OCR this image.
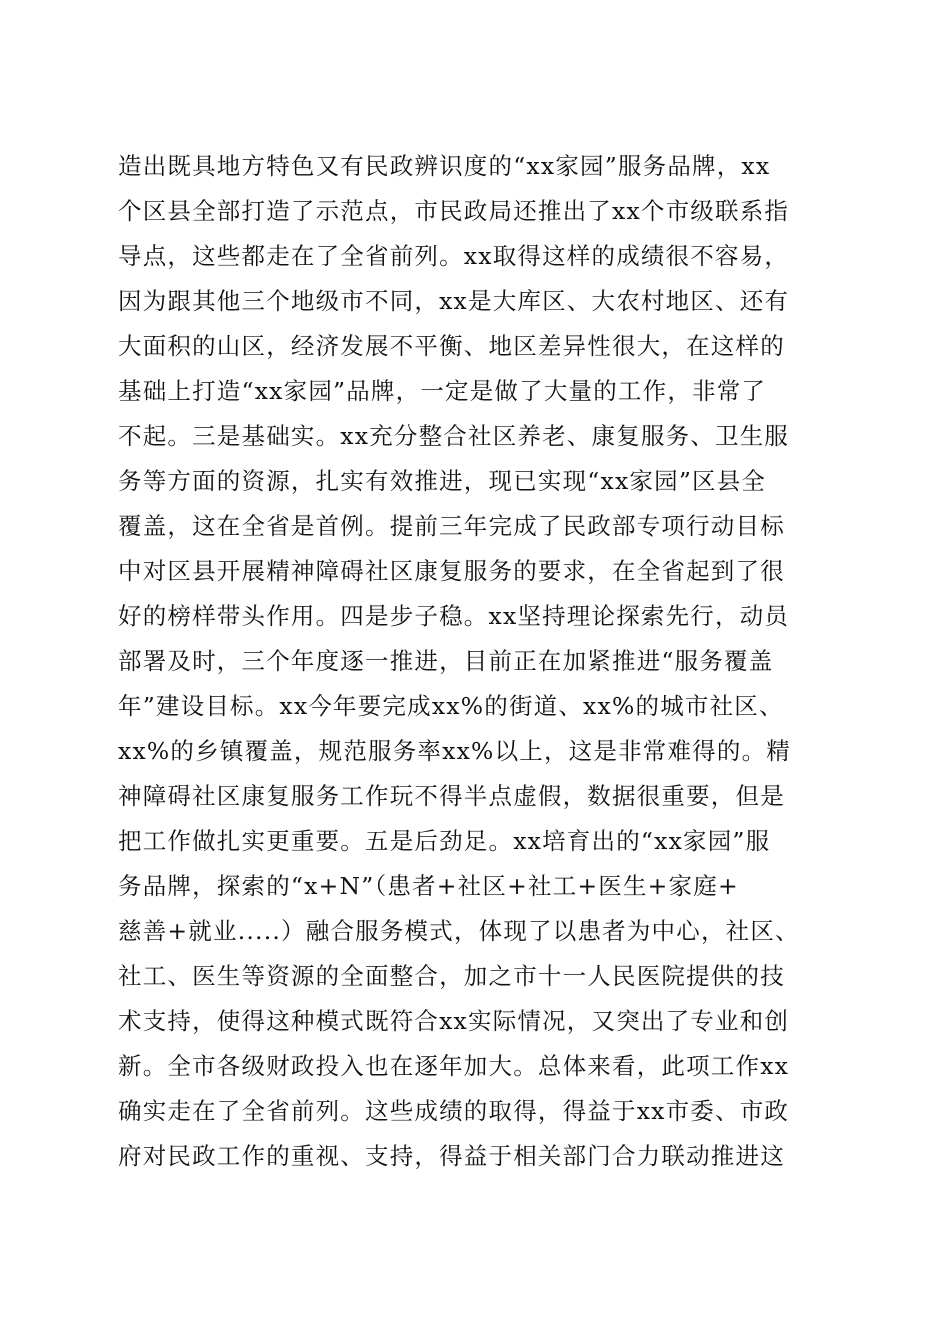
造出既具地方特色又有民政辨识度的“xx家园”服务品牌，xx
个区县全部打造了示范点，市民政局还推出了xx个市级联系指
导点，这些都走在了全省前列。xx取得这样的成绩很不容易，
因为跟其他三个地级市不同，xx是大库区、大农村地区、还有
大面积的山区，经济发展不平衡、地区差异性很大，在这样的
基础上打造“xx家园”品牌，一定是做了大量的工作，非常了
不起。三是基础实。xx充分整合社区养老、康复服务、卫生服
务等方面的资源，扎实有效推进，现已实现“xx家园”区县全
覆盖，这在全省是首例。提前三年完成了民政部专项行动目标
中对区县开展精神障碍社区康复服务的要求，在全省起到了很
好的榜样带头作用。四是步子稳。xx坚持理论探索先行，动员
部署及时，三个年度逐一推进，目前正在加紧推进“服务覆盖
年”建设目标。xx今年要完成xx%的街道、xx%的城市社区、
xx%的乡镇覆盖，规范服务率xx%以上，这是非常难得的。精
神障碍社区康复服务工作玩不得半点虚假，数据很重要，但是
把工作做扎实更重要。五是后劲足。xx培育出的“xx家园”服
务品牌，探索的“x+N”（患者+社区+社工+医生+家庭+
慈善+就业.....）融合服务模式，体现了以患者为中心，社区、
社工、医生等资源的全面整合，加之市十一人民医院提供的技
术支持，使得这种模式既符合xx实际情况，又突出了专业和创
新。全市各级财政投入也在逐年加大。总体来看，此项工作xx
确实走在了全省前列。这些成绩的取得，得益于xx市委、市政
府对民政工作的重视、支持，得益于相关部门合力联动推进这
